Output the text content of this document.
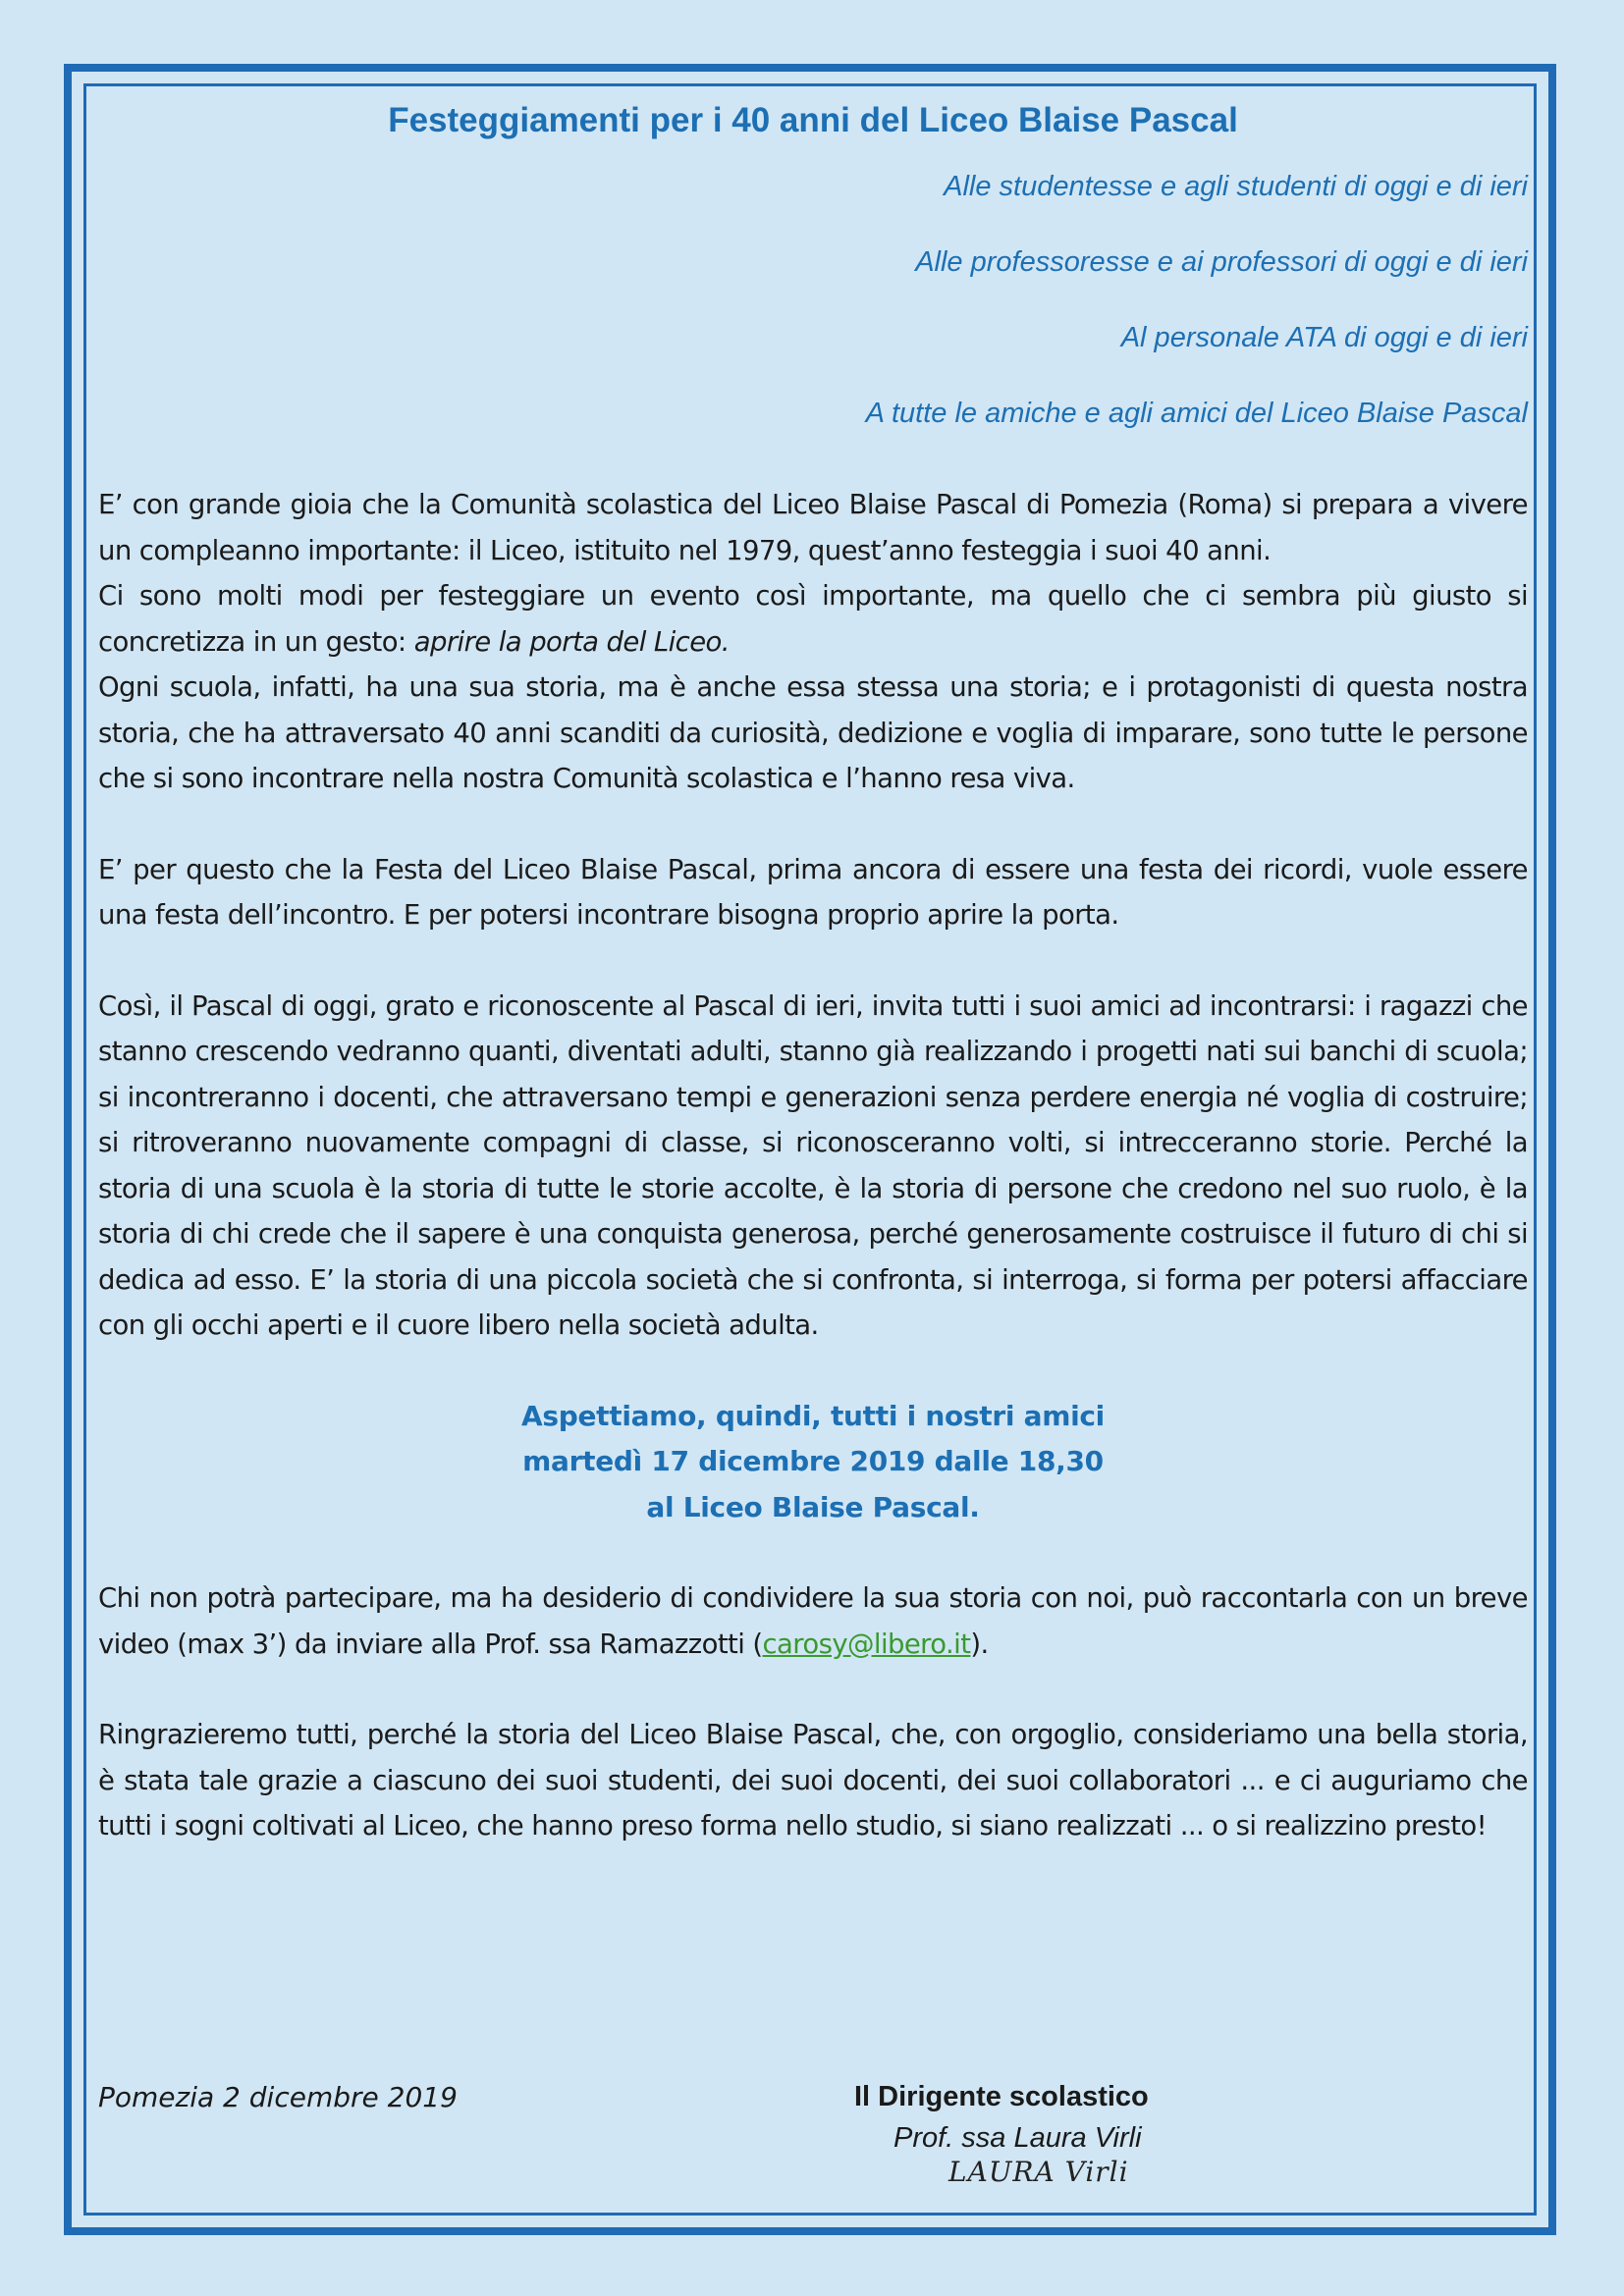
Festeggiamenti per i 40 anni del Liceo Blaise Pascal
Alle studentesse e agli studenti di oggi e di ieri
Alle professoresse e ai professori di oggi e di ieri
Al personale ATA di oggi e di ieri
A tutte le amiche e agli amici del Liceo Blaise Pascal

E’ con grande gioia che la Comunità scolastica del Liceo Blaise Pascal di Pomezia (Roma) si prepara a vivere un compleanno importante: il Liceo, istituito nel 1979, quest’anno festeggia i suoi 40 anni.

Ci sono molti modi per festeggiare un evento così importante, ma quello che ci sembra più giusto si concretizza in un gesto: aprire la porta del Liceo.

Ogni scuola, infatti, ha una sua storia, ma è anche essa stessa una storia; e i protagonisti di questa nostra storia, che ha attraversato 40 anni scanditi da curiosità, dedizione e voglia di imparare, sono tutte le persone che si sono incontrare nella nostra Comunità scolastica e l’hanno resa viva.

E’ per questo che la Festa del Liceo Blaise Pascal, prima ancora di essere una festa dei ricordi, vuole essere una festa dell’incontro. E per potersi incontrare bisogna proprio aprire la porta.

Così, il Pascal di oggi, grato e riconoscente al Pascal di ieri, invita tutti i suoi amici ad incontrarsi: i ragazzi che stanno crescendo vedranno quanti, diventati adulti, stanno già realizzando i progetti nati sui banchi di scuola; si incontreranno i docenti, che attraversano tempi e generazioni senza perdere energia né voglia di costruire; si ritroveranno nuovamente compagni di classe, si riconosceranno volti, si intrecceranno storie. Perché la storia di una scuola è la storia di tutte le storie accolte, è la storia di persone che credono nel suo ruolo, è la storia di chi crede che il sapere è una conquista generosa, perché generosamente costruisce il futuro di chi si dedica ad esso. E’ la storia di una piccola società che si confronta, si interroga, si forma per potersi affacciare con gli occhi aperti e il cuore libero nella società adulta.

Aspettiamo, quindi, tutti i nostri amici
martedì 17 dicembre 2019 dalle 18,30
al Liceo Blaise Pascal.

Chi non potrà partecipare, ma ha desiderio di condividere la sua storia con noi, può raccontarla con un breve video (max 3’) da inviare alla Prof. ssa Ramazzotti (carosy@libero.it).

Ringrazieremo tutti, perché la storia del Liceo Blaise Pascal, che, con orgoglio, consideriamo una bella storia, è stata tale grazie a ciascuno dei suoi studenti, dei suoi docenti, dei suoi collaboratori ... e ci auguriamo che tutti i sogni coltivati al Liceo, che hanno preso forma nello studio, si siano realizzati ... o si realizzino presto!

Pomezia 2 dicembre 2019	Il Dirigente scolastico
Prof. ssa Laura Virli
LAURA Virli
